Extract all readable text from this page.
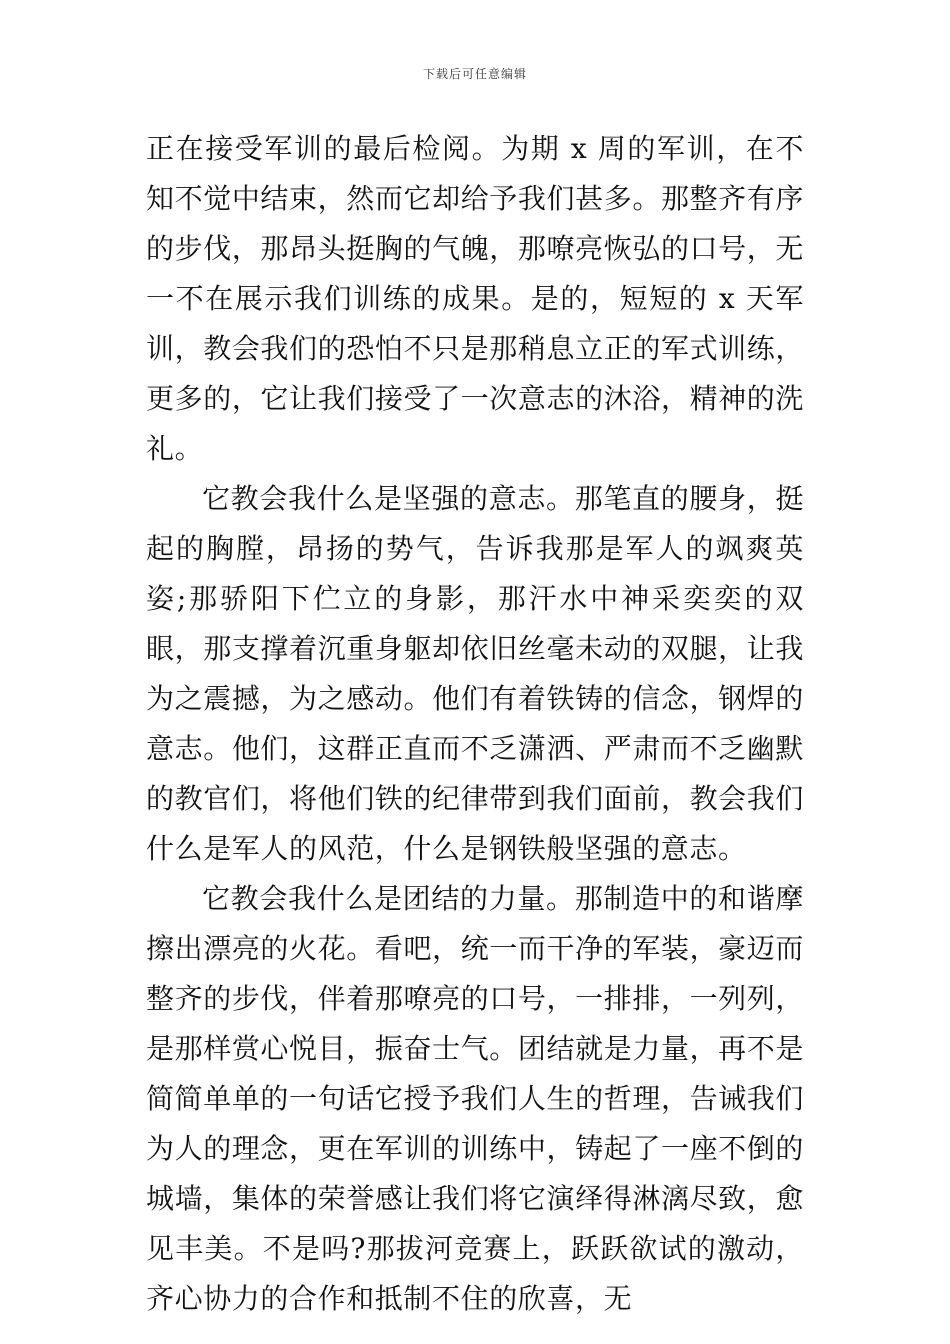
下载后可任意编辑

正在接受军训的最后检阅。为期 x 周的军训，在不知不觉中结束，然而它却给予我们甚多。那整齐有序的步伐，那昂头挺胸的气魄，那嘹亮恢弘的口号，无一不在展示我们训练的成果。是的，短短的 x 天军训，教会我们的恐怕不只是那稍息立正的军式训练，更多的，它让我们接受了一次意志的沐浴，精神的洗礼。

它教会我什么是坚强的意志。那笔直的腰身，挺起的胸膛，昂扬的势气，告诉我那是军人的飒爽英姿;那骄阳下伫立的身影，那汗水中神采奕奕的双眼，那支撑着沉重身躯却依旧丝毫未动的双腿，让我为之震撼，为之感动。他们有着铁铸的信念，钢焊的意志。他们，这群正直而不乏潇洒、严肃而不乏幽默的教官们，将他们铁的纪律带到我们面前，教会我们什么是军人的风范，什么是钢铁般坚强的意志。

它教会我什么是团结的力量。那制造中的和谐摩擦出漂亮的火花。看吧，统一而干净的军装，豪迈而整齐的步伐，伴着那嘹亮的口号，一排排，一列列，是那样赏心悦目，振奋士气。团结就是力量，再不是简简单单的一句话它授予我们人生的哲理，告诫我们为人的理念，更在军训的训练中，铸起了一座不倒的城墙，集体的荣誉感让我们将它演绎得淋漓尽致，愈见丰美。不是吗?那拔河竞赛上，跃跃欲试的激动，齐心协力的合作和抵制不住的欣喜，无
